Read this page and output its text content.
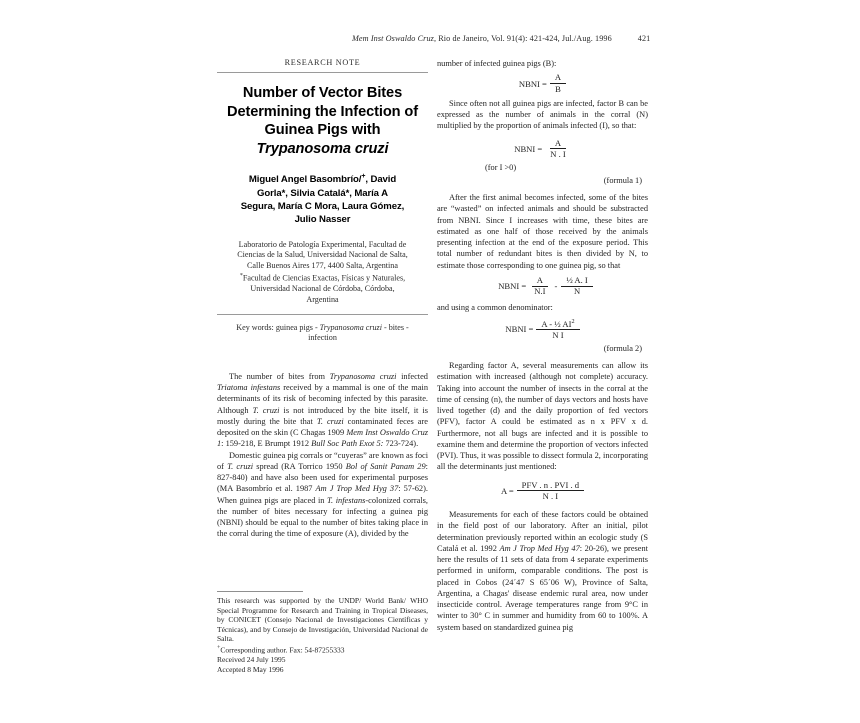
Mem Inst Oswaldo Cruz, Rio de Janeiro, Vol. 91(4): 421-424, Jul./Aug. 1996	421
RESEARCH NOTE
Number of Vector Bites
Determining the Infection of
Guinea Pigs with
Trypanosoma cruzi
Miguel Angel Basombrío/+, David
Gorla*, Silvia Catalá*, María A
Segura, María C Mora, Laura Gómez,
Julio Nasser
Laboratorio de Patología Experimental, Facultad de
Ciencias de la Salud, Universidad Nacional de Salta,
Calle Buenos Aires 177, 4400 Salta, Argentina
*Facultad de Ciencias Exactas, Físicas y Naturales,
Universidad Nacional de Córdoba, Córdoba,
Argentina
Key words: guinea pigs - Trypanosoma cruzi - bites -
infection

The number of bites from Trypanosoma cruzi infected Triatoma infestans received by a mammal is one of the main determinants of its risk of becoming infected by this parasite. Although T. cruzi is not introduced by the bite itself, it is mostly during the bite that T. cruzi contaminated feces are deposited on the skin (C Chagas 1909 Mem Inst Oswaldo Cruz 1: 159-218, E Brumpt 1912 Bull Soc Path Exot 5: 723-724).

Domestic guinea pig corrals or “cuyeras” are known as foci of T. cruzi spread (RA Torrico 1950 Bol of Sanit Panam 29: 827-840) and have also been used for experimental purposes (MA Basombrío et al. 1987 Am J Trop Med Hyg 37: 57-62). When guinea pigs are placed in T. infestans-colonized corrals, the number of bites necessary for infecting a guinea pig (NBNI) should be equal to the number of bites taking place in the corral during the time of exposure (A), divided by the

number of infected guinea pigs (B):

NBNI = $\frac{A}{B}$

Since often not all guinea pigs are infected, factor B can be expressed as the number of animals in the corral (N) multiplied by the proportion of animals infected (I), so that:

NBNI = $\frac{A}{N . I}$
(for I >0)
(formula 1)

After the first animal becomes infected, some of the bites are “wasted” on infected animals and should be substracted from NBNI. Since I increases with time, these bites are estimated as one half of those received by the animals presenting infection at the end of the exposure period. This total number of redundant bites is then divided by N, to estimate those corresponding to one guinea pig, so that

NBNI = $\frac{A}{N.I} - \frac{\text{½ A. I}}{N}$

and using a common denominator:

NBNI = $\frac{A - \frac{1}{2} AI^2}{\text{N I}}$
(formula 2)

Regarding factor A, several measurements can allow its estimation with increased (although not complete) accuracy. Taking into account the number of insects in the corral at the time of censing (n), the number of days vectors and hosts have lived together (d) and the daily proportion of fed vectors (PFV), factor A could be estimated as n x PFV x d. Furthermore, not all bugs are infected and it is possible to examine them and determine the proportion of vectors infected (PVI). Thus, it was possible to dissect formula 2, incorporating all the determinants just mentioned:

$A = \frac{\text{PFV . n . PVI . d}}{N . I}$

Measurements for each of these factors could be obtained in the field post of our laboratory. After an initial, pilot determination previously reported within an ecologic study (S Catalá et al. 1992 Am J Trop Med Hyg 47: 20-26), we present here the results of 11 sets of data from 4 separate experiments performed in uniform, comparable conditions. The post is placed in Cobos (24´47 S 65´06 W), Province of Salta, Argentina, a Chagas' disease endemic rural area, now under insecticide control. Average temperatures range from 9°C in winter to 30° C in summer and humidity from 60 to 100%. A system based on standardized guinea pig

This research was supported by the UNDP/ World Bank/ WHO Special Programme for Research and Training in Tropical Diseases, by CONICET (Consejo Nacional de Investigaciones Científicas y Técnicas), and by Consejo de Investigación, Universidad Nacional de Salta.

+Corresponding author. Fax: 54-87255333
Received 24 July 1995
Accepted 8 May 1996
